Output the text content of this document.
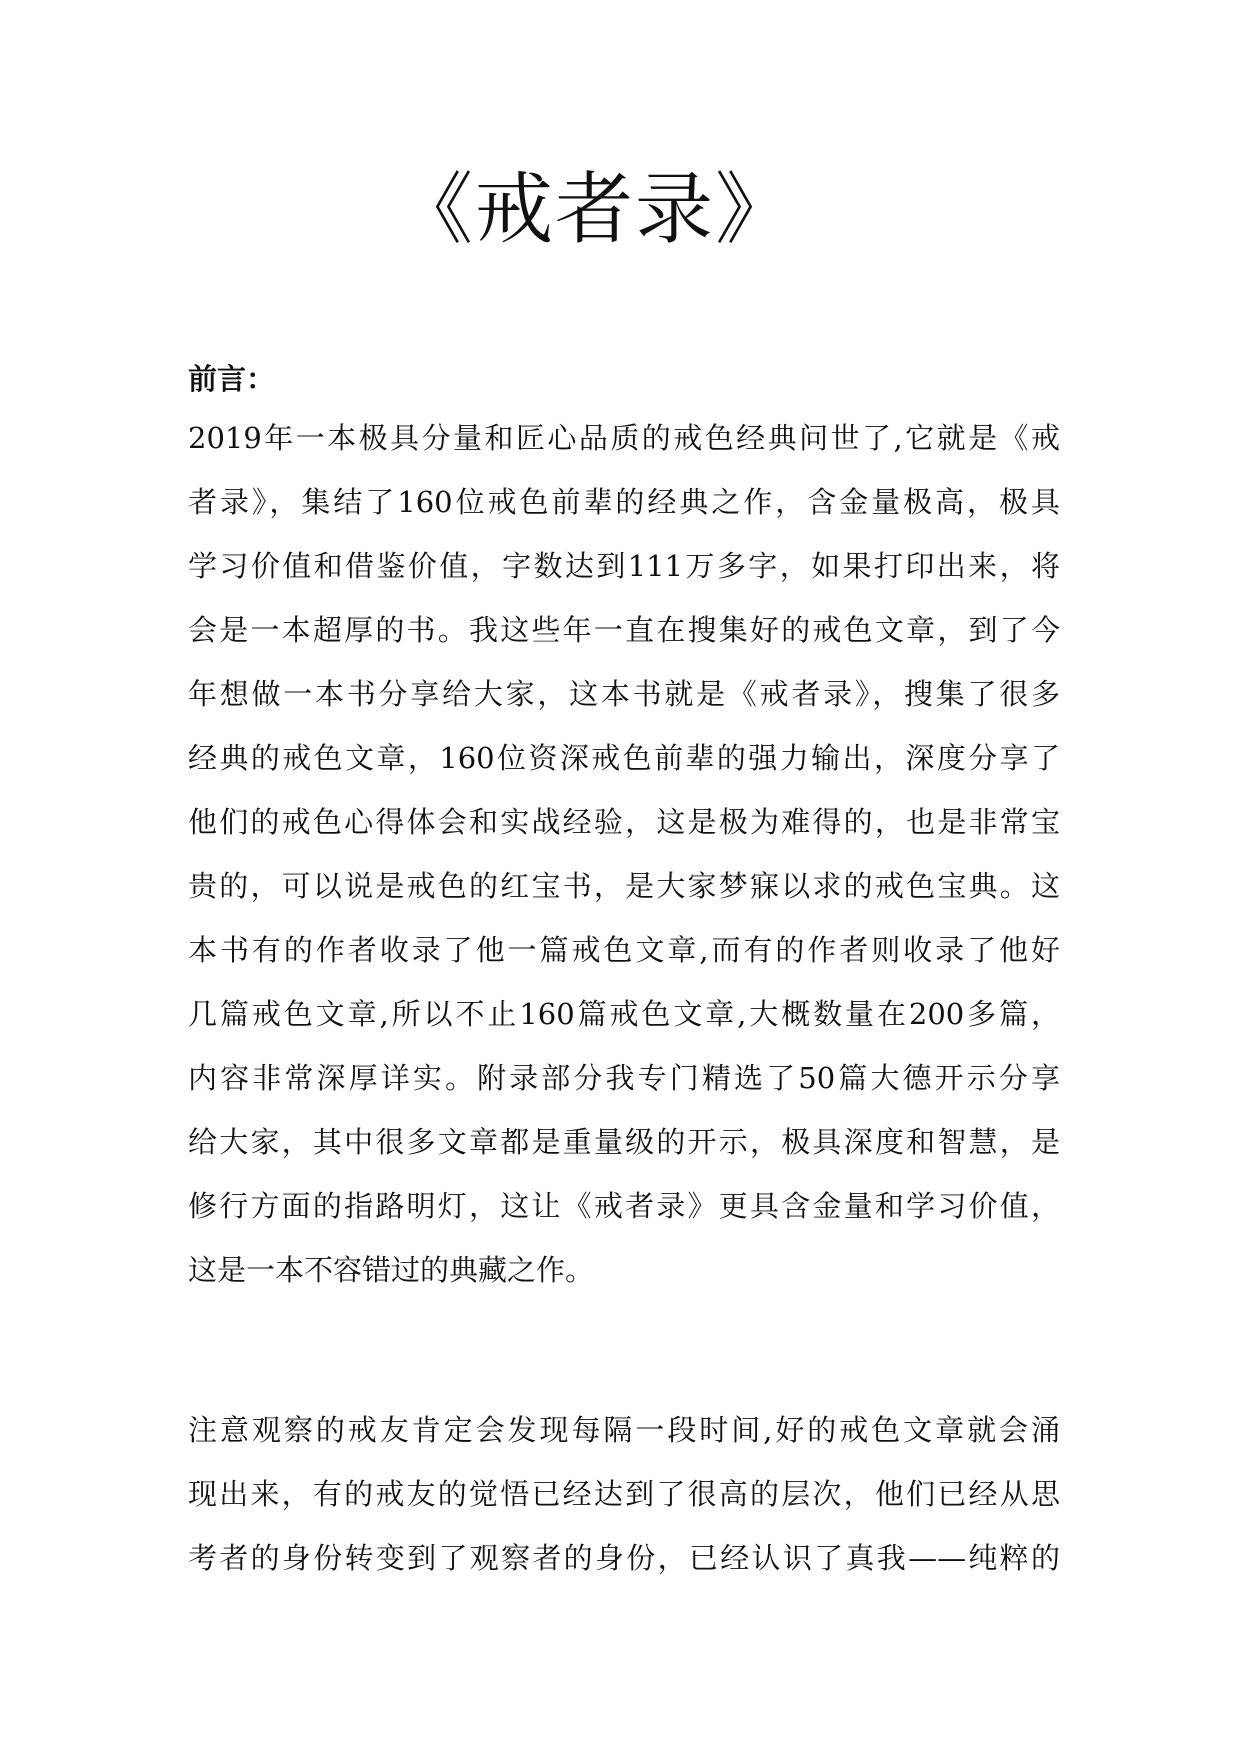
《戒者录》

前言：

2019年一本极具分量和匠心品质的戒色经典问世了,它就是《戒

者录》，集结了160位戒色前辈的经典之作，含金量极高，极具

学习价值和借鉴价值，字数达到111万多字，如果打印出来，将

会是一本超厚的书。我这些年一直在搜集好的戒色文章，到了今

年想做一本书分享给大家，这本书就是《戒者录》，搜集了很多

经典的戒色文章，160位资深戒色前辈的强力输出，深度分享了

他们的戒色心得体会和实战经验，这是极为难得的，也是非常宝

贵的，可以说是戒色的红宝书，是大家梦寐以求的戒色宝典。这

本书有的作者收录了他一篇戒色文章,而有的作者则收录了他好

几篇戒色文章,所以不止160篇戒色文章,大概数量在200多篇，

内容非常深厚详实。附录部分我专门精选了50篇大德开示分享

给大家，其中很多文章都是重量级的开示，极具深度和智慧，是

修行方面的指路明灯，这让《戒者录》更具含金量和学习价值，

这是一本不容错过的典藏之作。

注意观察的戒友肯定会发现每隔一段时间,好的戒色文章就会涌

现出来，有的戒友的觉悟已经达到了很高的层次，他们已经从思

考者的身份转变到了观察者的身份，已经认识了真我——纯粹的
